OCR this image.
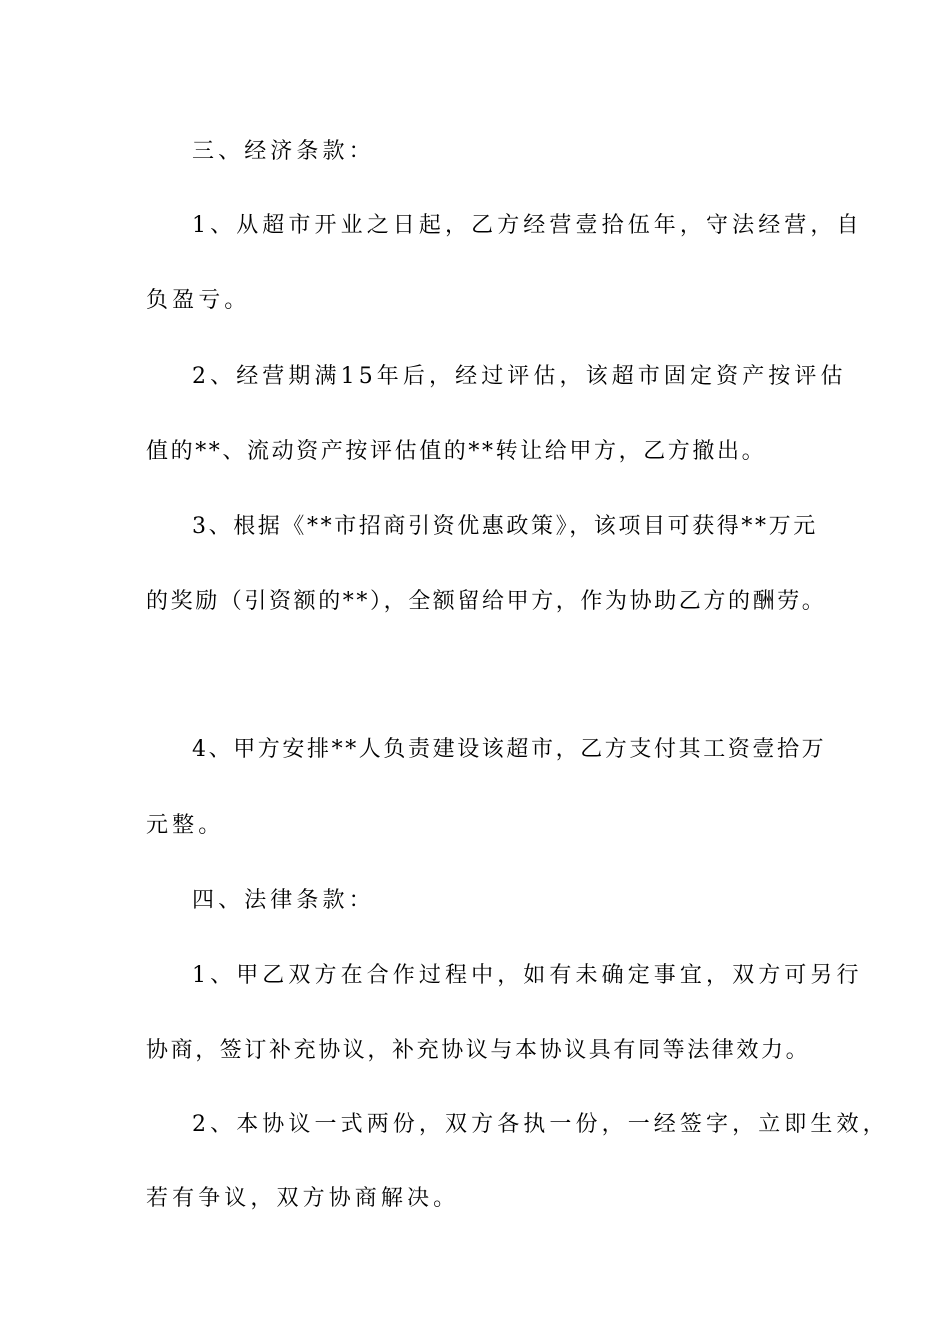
三、经济条款：

1、从超市开业之日起，乙方经营壹拾伍年，守法经营，自

负盈亏。

2、经营期满15年后，经过评估，该超市固定资产按评估

值的**、流动资产按评估值的**转让给甲方，乙方撤出。

3、根据《**市招商引资优惠政策》，该项目可获得**万元

的奖励（引资额的**），全额留给甲方，作为协助乙方的酬劳。

4、甲方安排**人负责建设该超市，乙方支付其工资壹拾万

元整。

四、法律条款：

1、甲乙双方在合作过程中，如有未确定事宜，双方可另行

协商，签订补充协议，补充协议与本协议具有同等法律效力。

2、本协议一式两份，双方各执一份，一经签字，立即生效，

若有争议，双方协商解决。
